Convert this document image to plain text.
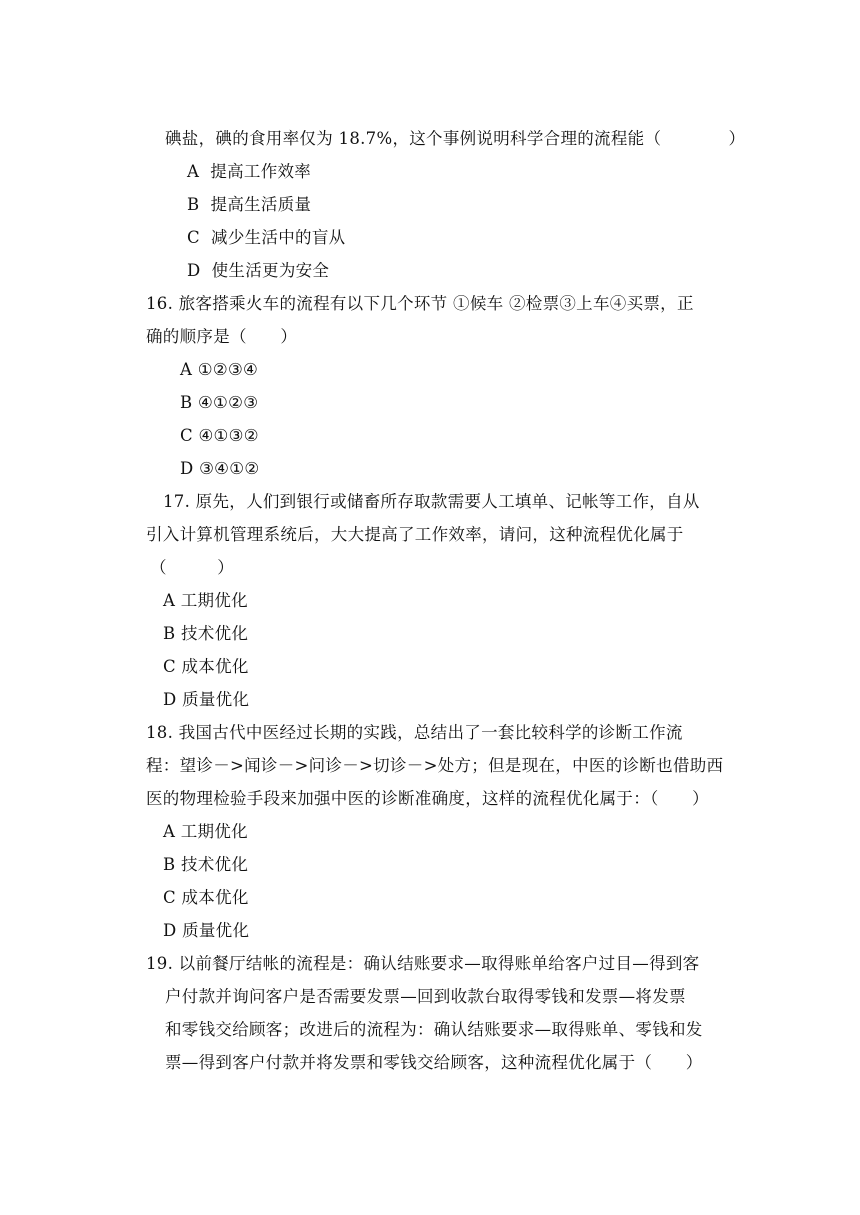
碘盐，碘的食用率仅为 18.7%，这个事例说明科学合理的流程能（　　　　）
A  提高工作效率
B  提高生活质量
C  减少生活中的盲从
D  使生活更为安全
16. 旅客搭乘火车的流程有以下几个环节 ①候车 ②检票③上车④买票，正
确的顺序是（　　）
A ①②③④
B ④①②③
C ④①③②
D ③④①②
17. 原先，人们到银行或储畜所存取款需要人工填单、记帐等工作，自从
引入计算机管理系统后，大大提高了工作效率，请问，这种流程优化属于
（　　　）
A 工期优化
B 技术优化
C 成本优化
D 质量优化
18. 我国古代中医经过长期的实践，总结出了一套比较科学的诊断工作流
程：望诊－>闻诊－>问诊－>切诊－>处方；但是现在，中医的诊断也借助西
医的物理检验手段来加强中医的诊断准确度，这样的流程优化属于：（　　）
A 工期优化
B 技术优化
C 成本优化
D 质量优化
19. 以前餐厅结帐的流程是：确认结账要求—取得账单给客户过目—得到客
户付款并询问客户是否需要发票—回到收款台取得零钱和发票—将发票
和零钱交给顾客；改进后的流程为：确认结账要求—取得账单、零钱和发
票—得到客户付款并将发票和零钱交给顾客，这种流程优化属于（　　）
